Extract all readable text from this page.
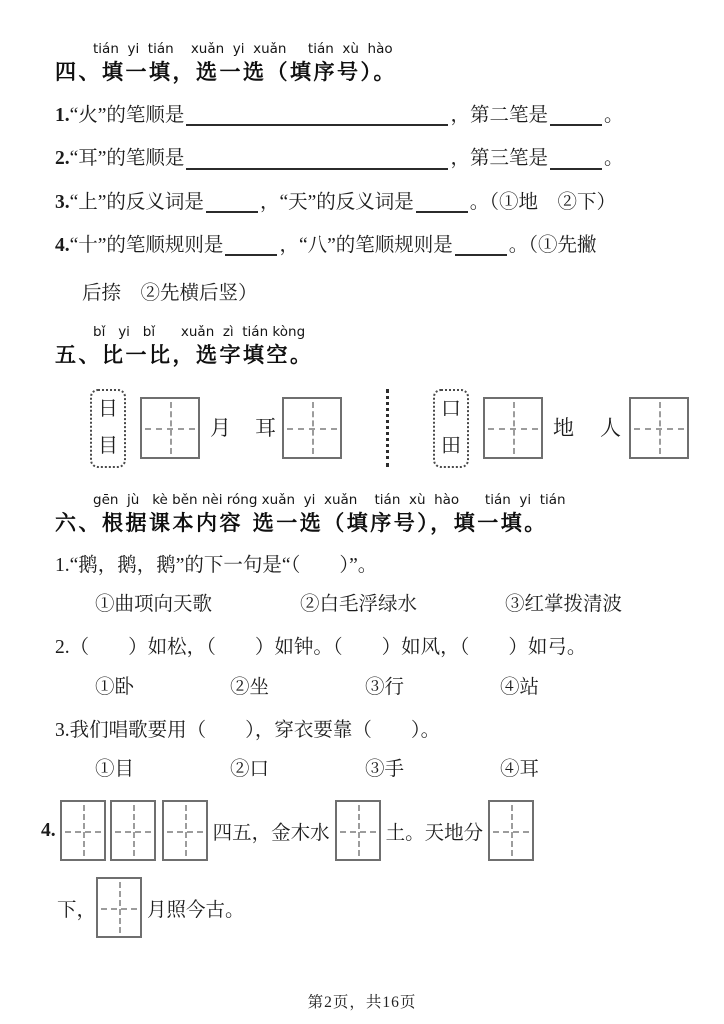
tián  yi  tián    xuǎn  yi  xuǎn     tián  xù  hào
四、填一填，选一选（填序号）。
1. “火”的笔顺是	，第二笔是	。
2. “耳”的笔顺是	，第三笔是	。
3. “上”的反义词是	，“天”的反义词是	。（①地　②下）
4. “十”的笔顺规则是	，“八”的笔顺规则是	。（①先撇
后捺　②先横后竖）
bǐ   yi   bǐ      xuǎn  zì  tián kòng
五、比一比，选字填空。
日
目
月 耳
口
田
地 人
gēn  jù   kè běn nèi róng xuǎn  yi  xuǎn    tián  xù  hào      tián  yi  tián
六、根据课本内容 选一选（填序号），填一填。
1.“鹅，鹅，鹅”的下一句是“（　　）”。
①曲项向天歌	②白毛浮绿水	③红掌拨清波
2.（　　）如松，（　　）如钟。（　　）如风，（　　）如弓。
①卧	②坐	③行	④站
3.我们唱歌要用（　　），穿衣要靠（　　）。
①目	②口	③手	④耳
4.	四五，金木水	土。天地分
下，	月照今古。
第2页，共16页
